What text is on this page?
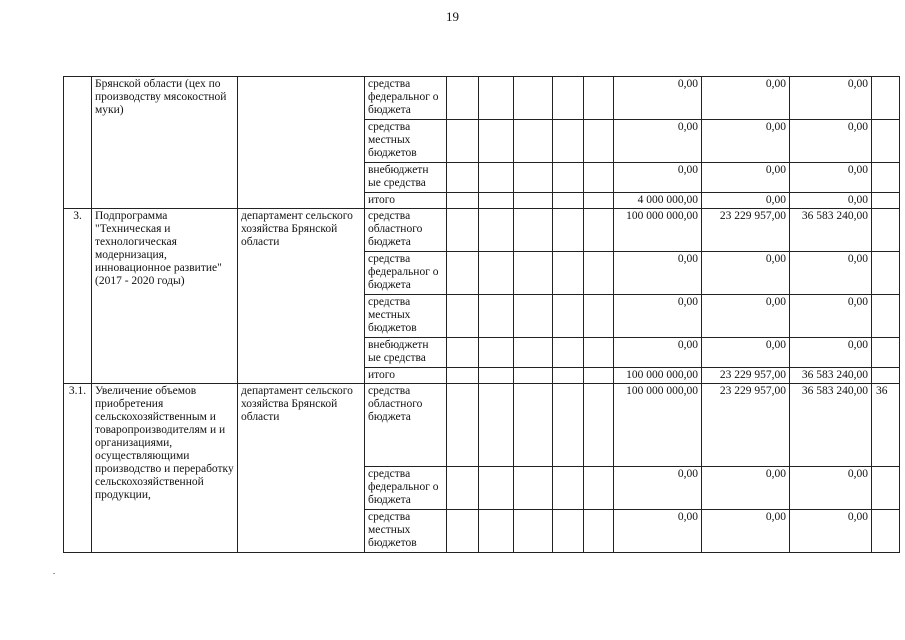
19
	Брянской области (цех по производству мясокостной муки)		средства федеральног о бюджета						0,00	0,00	0,00	
			средства местных бюджетов						0,00	0,00	0,00	
			внебюджетн ые средства						0,00	0,00	0,00	
			итого						4 000 000,00	0,00	0,00	
3.	Подпрограмма "Техническая и технологическая модернизация, инновационное развитие" (2017 - 2020 годы)	департамент сельского хозяйства Брянской области	средства областного бюджета						100 000 000,00	23 229 957,00	36 583 240,00	
			средства федеральног о бюджета						0,00	0,00	0,00	
			средства местных бюджетов						0,00	0,00	0,00	
			внебюджетн ые средства						0,00	0,00	0,00	
			итого						100 000 000,00	23 229 957,00	36 583 240,00	
3.1.	Увеличение объемов приобретения сельскохозяйственным и товаропроизводителям и и организациями, осуществляющими производство и переработку сельскохозяйственной продукции,	департамент сельского хозяйства Брянской области	средства областного бюджета						100 000 000,00	23 229 957,00	36 583 240,00	36
			средства федеральног о бюджета						0,00	0,00	0,00	
			средства местных бюджетов						0,00	0,00	0,00	
